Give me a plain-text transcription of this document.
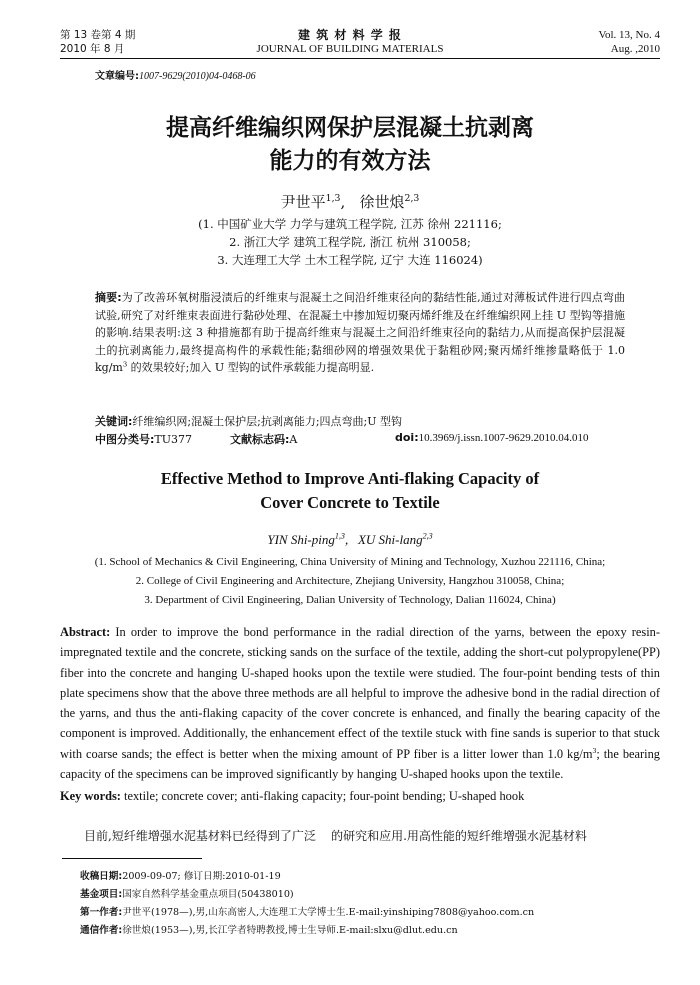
第 13 卷第 4 期
2010 年 8 月
建 筑 材 料 学 报
JOURNAL OF BUILDING MATERIALS
Vol. 13, No. 4
Aug. ,2010
文章编号:1007-9629(2010)04-0468-06
提高纤维编织网保护层混凝土抗剥离
能力的有效方法
尹世平$^{1,3}$,   徐世烺$^{2,3}$
(1. 中国矿业大学 力学与建筑工程学院, 江苏 徐州 221116;
2. 浙江大学 建筑工程学院, 浙江 杭州 310058;
3. 大连理工大学 土木工程学院, 辽宁 大连 116024)
摘要:为了改善环氧树脂浸渍后的纤维束与混凝土之间沿纤维束径向的黏结性能,通过对薄板试件进行四点弯曲试验,研究了对纤维束表面进行黏砂处理、在混凝土中掺加短切聚丙烯纤维及在纤维编织网上挂 U 型钩等措施的影响.结果表明:这 3 种措施都有助于提高纤维束与混凝土之间沿纤维束径向的黏结力,从而提高保护层混凝土的抗剥离能力,最终提高构件的承载性能;黏细砂网的增强效果优于黏粗砂网;聚丙烯纤维掺量略低于 1.0 $kg/m^3$ 的效果较好;加入 U 型钩的试件承载能力提高明显.
关键词:纤维编织网;混凝土保护层;抗剥离能力;四点弯曲;U 型钩
中图分类号:TU377	文献标志码:A	doi:10.3969/j.issn.1007-9629.2010.04.010
Effective Method to Improve Anti-flaking Capacity of
Cover Concrete to Textile
YIN Shi-ping$^{1,3}$,   XU Shi-lang$^{2,3}$
(1. School of Mechanics & Civil Engineering, China University of Mining and Technology, Xuzhou 221116, China;
2. College of Civil Engineering and Architecture, Zhejiang University, Hangzhou 310058, China;
3. Department of Civil Engineering, Dalian University of Technology, Dalian 116024, China)
Abstract: In order to improve the bond performance in the radial direction of the yarns, between the epoxy resin-impregnated textile and the concrete, sticking sands on the surface of the textile, adding the short-cut polypropylene(PP) fiber into the concrete and hanging U-shaped hooks upon the textile were studied. The four-point bending tests of thin plate specimens show that the above three methods are all helpful to improve the adhesive bond in the radial direction of the yarns, and thus the anti-flaking capacity of the cover concrete is enhanced, and finally the bearing capacity of the component is improved. Additionally, the enhancement effect of the textile stuck with fine sands is superior to that stuck with coarse sands; the effect is better when the mixing amount of PP fiber is a litter lower than 1.0 $kg/m^3$; the bearing capacity of the specimens can be improved significantly by hanging U-shaped hooks upon the textile.
Key words: textile; concrete cover; anti-flaking capacity; four-point bending; U-shaped hook
目前,短纤维增强水泥基材料已经得到了广泛    的研究和应用.用高性能的短纤维增强水泥基材料
收稿日期:2009-09-07; 修订日期:2010-01-19
基金项目:国家自然科学基金重点项目(50438010)
第一作者:尹世平(1978—),男,山东高密人,大连理工大学博士生.E-mail:yinshiping7808@yahoo.com.cn
通信作者:徐世烺(1953—),男,长江学者特聘教授,博士生导师.E-mail:slxu@dlut.edu.cn
